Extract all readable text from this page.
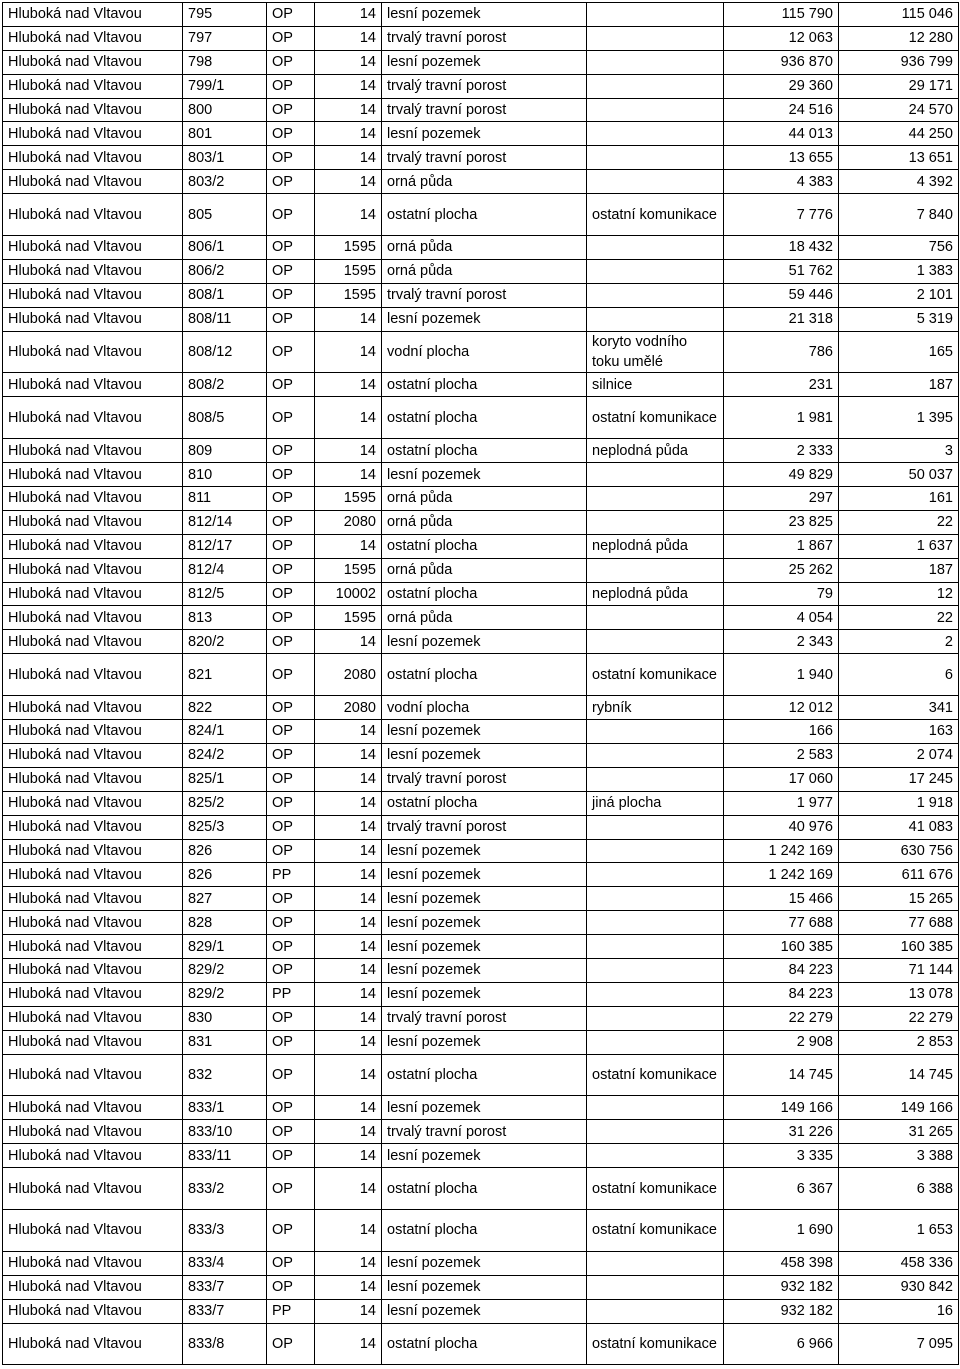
Hluboká nad Vltavou	795	OP	14	lesní pozemek		115 790	115 046
Hluboká nad Vltavou	797	OP	14	trvalý travní porost		12 063	12 280
Hluboká nad Vltavou	798	OP	14	lesní pozemek		936 870	936 799
Hluboká nad Vltavou	799/1	OP	14	trvalý travní porost		29 360	29 171
Hluboká nad Vltavou	800	OP	14	trvalý travní porost		24 516	24 570
Hluboká nad Vltavou	801	OP	14	lesní pozemek		44 013	44 250
Hluboká nad Vltavou	803/1	OP	14	trvalý travní porost		13 655	13 651
Hluboká nad Vltavou	803/2	OP	14	orná půda		4 383	4 392
Hluboká nad Vltavou	805	OP	14	ostatní plocha	ostatní komunikace	7 776	7 840
Hluboká nad Vltavou	806/1	OP	1595	orná půda		18 432	756
Hluboká nad Vltavou	806/2	OP	1595	orná půda		51 762	1 383
Hluboká nad Vltavou	808/1	OP	1595	trvalý travní porost		59 446	2 101
Hluboká nad Vltavou	808/11	OP	14	lesní pozemek		21 318	5 319
Hluboká nad Vltavou	808/12	OP	14	vodní plocha	koryto vodního toku umělé	786	165
Hluboká nad Vltavou	808/2	OP	14	ostatní plocha	silnice	231	187
Hluboká nad Vltavou	808/5	OP	14	ostatní plocha	ostatní komunikace	1 981	1 395
Hluboká nad Vltavou	809	OP	14	ostatní plocha	neplodná půda	2 333	3
Hluboká nad Vltavou	810	OP	14	lesní pozemek		49 829	50 037
Hluboká nad Vltavou	811	OP	1595	orná půda		297	161
Hluboká nad Vltavou	812/14	OP	2080	orná půda		23 825	22
Hluboká nad Vltavou	812/17	OP	14	ostatní plocha	neplodná půda	1 867	1 637
Hluboká nad Vltavou	812/4	OP	1595	orná půda		25 262	187
Hluboká nad Vltavou	812/5	OP	10002	ostatní plocha	neplodná půda	79	12
Hluboká nad Vltavou	813	OP	1595	orná půda		4 054	22
Hluboká nad Vltavou	820/2	OP	14	lesní pozemek		2 343	2
Hluboká nad Vltavou	821	OP	2080	ostatní plocha	ostatní komunikace	1 940	6
Hluboká nad Vltavou	822	OP	2080	vodní plocha	rybník	12 012	341
Hluboká nad Vltavou	824/1	OP	14	lesní pozemek		166	163
Hluboká nad Vltavou	824/2	OP	14	lesní pozemek		2 583	2 074
Hluboká nad Vltavou	825/1	OP	14	trvalý travní porost		17 060	17 245
Hluboká nad Vltavou	825/2	OP	14	ostatní plocha	jiná plocha	1 977	1 918
Hluboká nad Vltavou	825/3	OP	14	trvalý travní porost		40 976	41 083
Hluboká nad Vltavou	826	OP	14	lesní pozemek		1 242 169	630 756
Hluboká nad Vltavou	826	PP	14	lesní pozemek		1 242 169	611 676
Hluboká nad Vltavou	827	OP	14	lesní pozemek		15 466	15 265
Hluboká nad Vltavou	828	OP	14	lesní pozemek		77 688	77 688
Hluboká nad Vltavou	829/1	OP	14	lesní pozemek		160 385	160 385
Hluboká nad Vltavou	829/2	OP	14	lesní pozemek		84 223	71 144
Hluboká nad Vltavou	829/2	PP	14	lesní pozemek		84 223	13 078
Hluboká nad Vltavou	830	OP	14	trvalý travní porost		22 279	22 279
Hluboká nad Vltavou	831	OP	14	lesní pozemek		2 908	2 853
Hluboká nad Vltavou	832	OP	14	ostatní plocha	ostatní komunikace	14 745	14 745
Hluboká nad Vltavou	833/1	OP	14	lesní pozemek		149 166	149 166
Hluboká nad Vltavou	833/10	OP	14	trvalý travní porost		31 226	31 265
Hluboká nad Vltavou	833/11	OP	14	lesní pozemek		3 335	3 388
Hluboká nad Vltavou	833/2	OP	14	ostatní plocha	ostatní komunikace	6 367	6 388
Hluboká nad Vltavou	833/3	OP	14	ostatní plocha	ostatní komunikace	1 690	1 653
Hluboká nad Vltavou	833/4	OP	14	lesní pozemek		458 398	458 336
Hluboká nad Vltavou	833/7	OP	14	lesní pozemek		932 182	930 842
Hluboká nad Vltavou	833/7	PP	14	lesní pozemek		932 182	16
Hluboká nad Vltavou	833/8	OP	14	ostatní plocha	ostatní komunikace	6 966	7 095
